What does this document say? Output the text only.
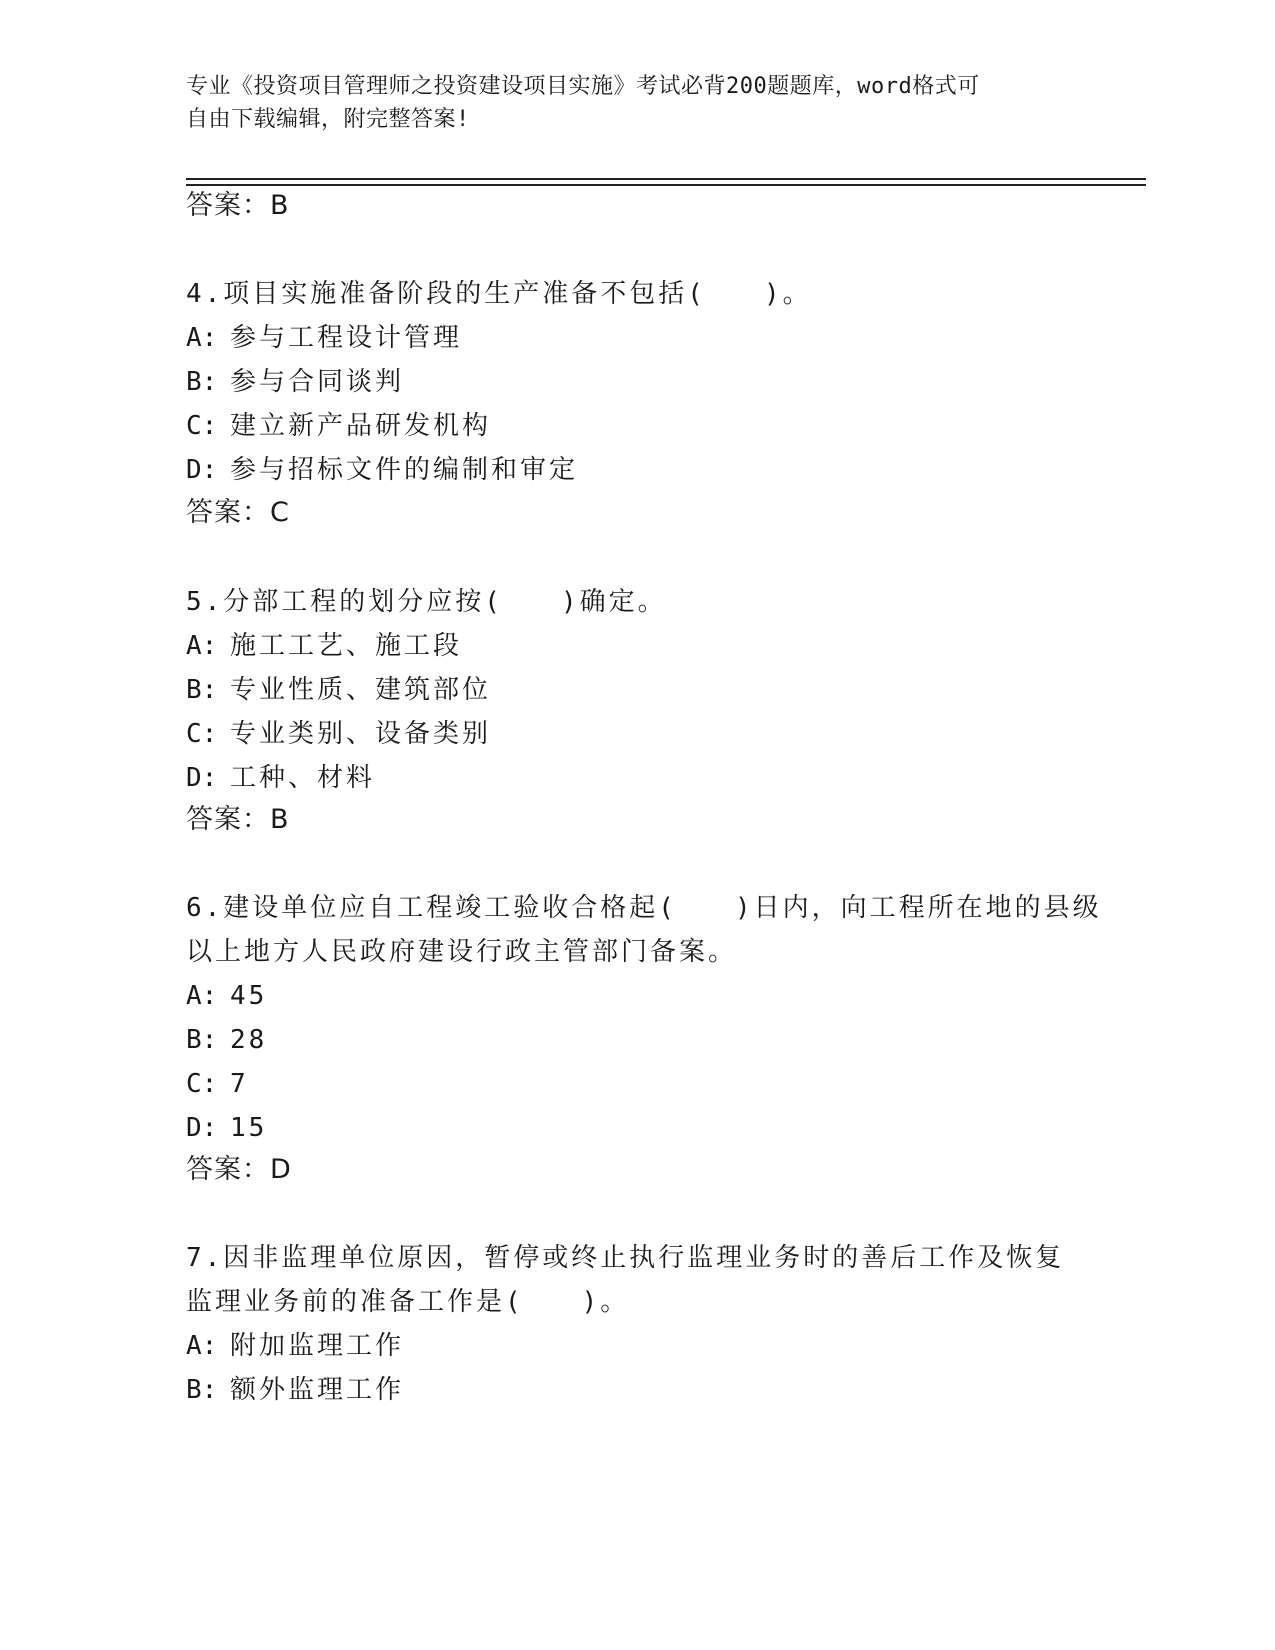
专业《投资项目管理师之投资建设项目实施》考试必背200题题库，word格式可
自由下载编辑，附完整答案!
答案：B
4.项目实施准备阶段的生产准备不包括(　　)。
A: 参与工程设计管理
B: 参与合同谈判
C: 建立新产品研发机构
D: 参与招标文件的编制和审定
答案：C
5.分部工程的划分应按(　　)确定。
A: 施工工艺、施工段
B: 专业性质、建筑部位
C: 专业类别、设备类别
D: 工种、材料
答案：B
6.建设单位应自工程竣工验收合格起(　　)日内，向工程所在地的县级
以上地方人民政府建设行政主管部门备案。
A: 45
B: 28
C: 7
D: 15
答案：D
7.因非监理单位原因，暂停或终止执行监理业务时的善后工作及恢复
监理业务前的准备工作是(　　)。
A: 附加监理工作
B: 额外监理工作
